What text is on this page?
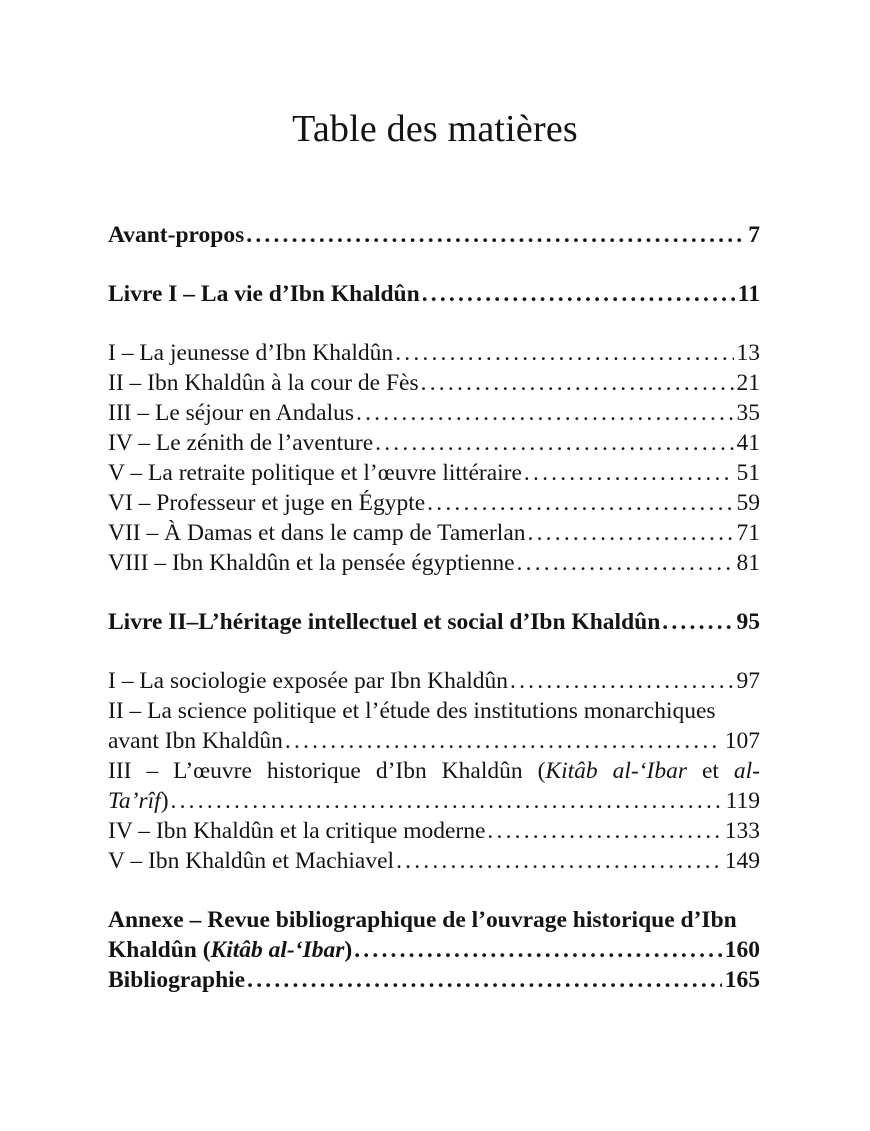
Table des matières
Avant-propos .....	7
Livre I – La vie d’Ibn Khaldûn .....	11
I – La jeunesse d’Ibn Khaldûn .....	13
II – Ibn Khaldûn à la cour de Fès .....	21
III – Le séjour en Andalus .....	35
IV – Le zénith de l’aventure .....	41
V – La retraite politique et l’œuvre littéraire .....	51
VI – Professeur et juge en Égypte .....	59
VII – À Damas et dans le camp de Tamerlan .....	71
VIII – Ibn Khaldûn et la pensée égyptienne .....	81
Livre II–L’héritage intellectuel et social d’Ibn Khaldûn .....	95
I – La sociologie exposée par Ibn Khaldûn .....	97
II – La science politique et l’étude des institutions monarchiques
avant Ibn Khaldûn .....	107
III – L’œuvre historique d’Ibn Khaldûn (Kitâb al-‘Ibar et al-
Ta’rîf) .....	119
IV – Ibn Khaldûn et la critique moderne .....	133
V – Ibn Khaldûn et Machiavel .....	149
Annexe – Revue bibliographique de l’ouvrage historique d’Ibn
Khaldûn (Kitâb al-‘Ibar) .....	160
Bibliographie .....	165
